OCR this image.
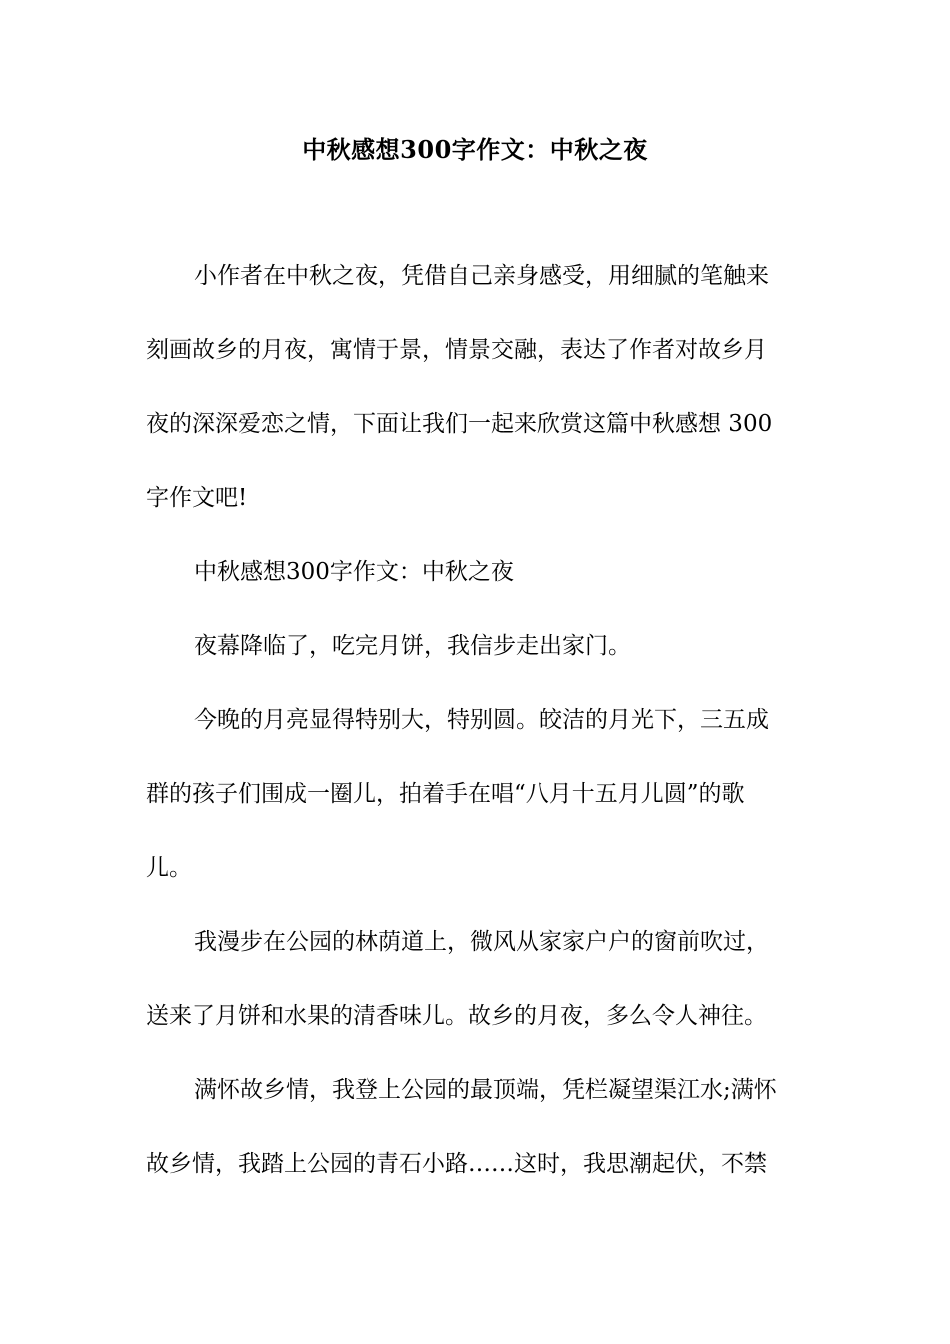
中秋感想300字作文：中秋之夜

小作者在中秋之夜，凭借自己亲身感受，用细腻的笔触来
刻画故乡的月夜，寓情于景，情景交融，表达了作者对故乡月
夜的深深爱恋之情，下面让我们一起来欣赏这篇中秋感想 300
字作文吧!

中秋感想300字作文：中秋之夜

夜幕降临了，吃完月饼，我信步走出家门。

今晚的月亮显得特别大，特别圆。皎洁的月光下，三五成
群的孩子们围成一圈儿，拍着手在唱“八月十五月儿圆”的歌
儿。

我漫步在公园的林荫道上，微风从家家户户的窗前吹过，
送来了月饼和水果的清香味儿。故乡的月夜，多么令人神往。

满怀故乡情，我登上公园的最顶端，凭栏凝望渠江水;满怀
故乡情，我踏上公园的青石小路……这时，我思潮起伏，不禁
